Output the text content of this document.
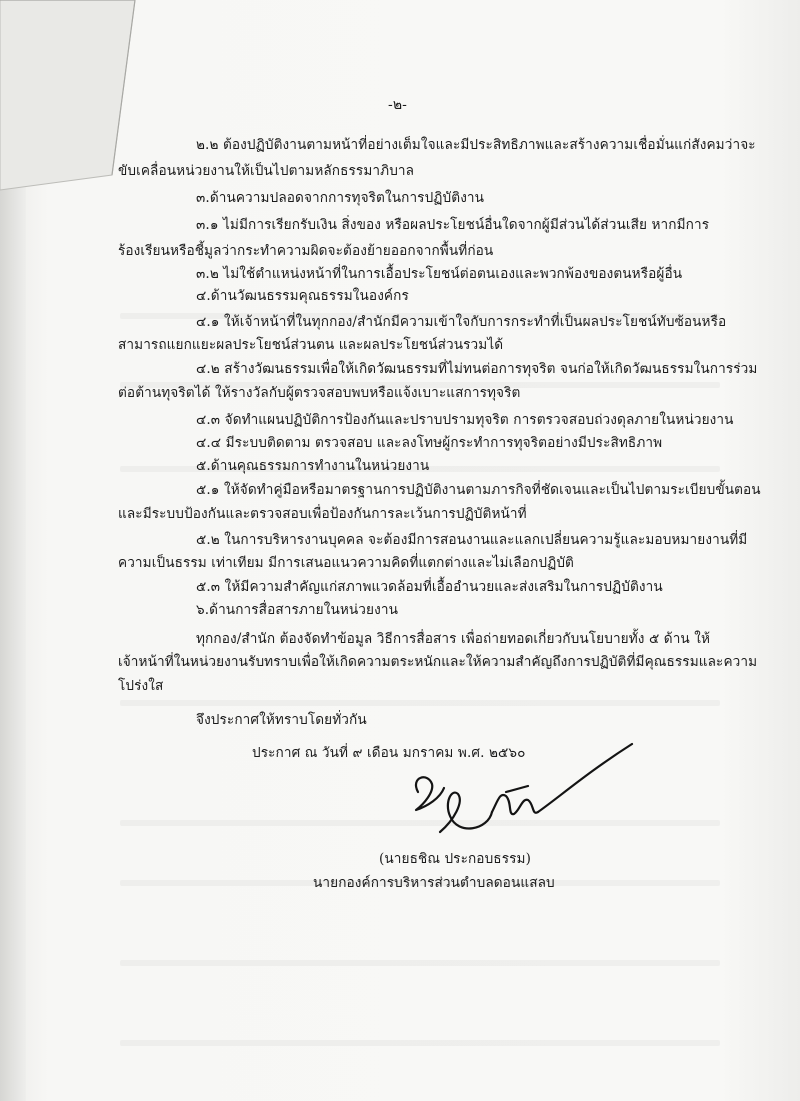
-๒-
๒.๒ ต้องปฏิบัติงานตามหน้าที่อย่างเต็มใจและมีประสิทธิภาพและสร้างความเชื่อมั่นแก่สังคมว่าจะ
ขับเคลื่อนหน่วยงานให้เป็นไปตามหลักธรรมาภิบาล
๓.ด้านความปลอดจากการทุจริตในการปฏิบัติงาน
๓.๑ ไม่มีการเรียกรับเงิน สิ่งของ หรือผลประโยชน์อื่นใดจากผู้มีส่วนได้ส่วนเสีย หากมีการ
ร้องเรียนหรือชี้มูลว่ากระทำความผิดจะต้องย้ายออกจากพื้นที่ก่อน
๓.๒ ไม่ใช้ตำแหน่งหน้าที่ในการเอื้อประโยชน์ต่อตนเองและพวกพ้องของตนหรือผู้อื่น
๔.ด้านวัฒนธรรมคุณธรรมในองค์กร
๔.๑ ให้เจ้าหน้าที่ในทุกกอง/สำนักมีความเข้าใจกับการกระทำที่เป็นผลประโยชน์ทับซ้อนหรือ
สามารถแยกแยะผลประโยชน์ส่วนตน และผลประโยชน์ส่วนรวมได้
๔.๒ สร้างวัฒนธรรมเพื่อให้เกิดวัฒนธรรมที่ไม่ทนต่อการทุจริต จนก่อให้เกิดวัฒนธรรมในการร่วม
ต่อต้านทุจริตได้ ให้รางวัลกับผู้ตรวจสอบพบหรือแจ้งเบาะแสการทุจริต
๔.๓ จัดทำแผนปฏิบัติการป้องกันและปราบปรามทุจริต การตรวจสอบถ่วงดุลภายในหน่วยงาน
๔.๔ มีระบบติดตาม ตรวจสอบ และลงโทษผู้กระทำการทุจริตอย่างมีประสิทธิภาพ
๕.ด้านคุณธรรมการทำงานในหน่วยงาน
๕.๑ ให้จัดทำคู่มือหรือมาตรฐานการปฏิบัติงานตามภารกิจที่ชัดเจนและเป็นไปตามระเบียบขั้นตอน
และมีระบบป้องกันและตรวจสอบเพื่อป้องกันการละเว้นการปฏิบัติหน้าที่
๕.๒ ในการบริหารงานบุคคล จะต้องมีการสอนงานและแลกเปลี่ยนความรู้และมอบหมายงานที่มี
ความเป็นธรรม เท่าเทียม มีการเสนอแนวความคิดที่แตกต่างและไม่เลือกปฏิบัติ
๕.๓ ให้มีความสำคัญแก่สภาพแวดล้อมที่เอื้ออำนวยและส่งเสริมในการปฏิบัติงาน
๖.ด้านการสื่อสารภายในหน่วยงาน
ทุกกอง/สำนัก ต้องจัดทำข้อมูล วิธีการสื่อสาร เพื่อถ่ายทอดเกี่ยวกับนโยบายทั้ง ๕ ด้าน ให้
เจ้าหน้าที่ในหน่วยงานรับทราบเพื่อให้เกิดความตระหนักและให้ความสำคัญถึงการปฏิบัติที่มีคุณธรรมและความ
โปร่งใส
จึงประกาศให้ทราบโดยทั่วกัน
ประกาศ ณ วันที่ ๙ เดือน มกราคม พ.ศ. ๒๕๖๐
(นายธชิณ ประกอบธรรม)
นายกองค์การบริหารส่วนตำบลดอนแสลบ
